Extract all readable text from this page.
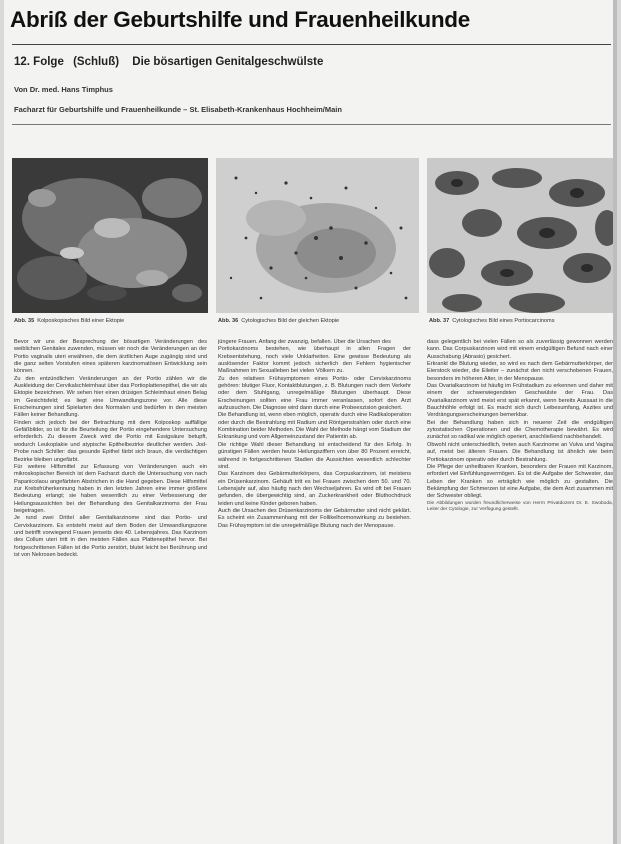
Abriß der Geburtshilfe und Frauenheilkunde
12. Folge (Schluß) Die bösartigen Genitalgeschwülste
Von Dr. med. Hans Timphus
Facharzt für Geburtshilfe und Frauenheilkunde – St. Elisabeth-Krankenhaus Hochheim/Main
Abb. 35 Kolposkopisches Bild einer Ektopie	Abb. 36 Cytologisches Bild der gleichen Ektopie	Abb. 37 Cytologisches Bild eines Portiocarcinoms

Bevor wir uns der Besprechung der bösartigen Veränderungen des weiblichen Genitales zuwenden, müssen wir noch die Veränderungen an der Portio vaginalis uteri erwähnen, die dem ärztlichen Auge zugängig sind und die ganz selten Vorstufen eines späteren karzinomatösen Entwicklung sein können.

Zu den entzündlichen Veränderungen an der Portio zählen wir die Auskleidung der Cervikalschleimhaut über das Portioplattenepithel, die wir als Ektopie bezeichnen. Wir sehen hier einen drüsigen Schleimhaut einen Belag im Gesichtsfeld; es liegt eine Umwandlungszone vor. Alle diese Erscheinungen sind Spielarten des Normalen und bedürfen in den meisten Fällen keiner Behandlung.

Finden sich jedoch bei der Betrachtung mit dem Kolposkop auffällige Gefäßbilder, so ist für die Beurteilung der Portio eingehendere Untersuchung erforderlich. Zu diesem Zweck wird die Portio mit Essigsäure betupft, wodurch Leukoplakie und atypische Epithelbezirke deutlicher werden. Jod-Probe nach Schiller: das gesunde Epithel färbt sich braun, die verdächtigen Bezirke bleiben ungefärbt.

Für weitere Hilfsmittel zur Erfassung von Veränderungen auch ein mikroskopischer Bereich ist dem Facharzt durch die Untersuchung von nach Papanicolaou angefärbten Abstrichen in die Hand gegeben. Diese Hilfsmittel zur Krebsfrüherkennung haben in den letzten Jahren eine immer größere Bedeutung erlangt; sie haben wesentlich zu einer Verbesserung der Heilungsaussichten bei der Behandlung des Genitalkarzinoms der Frau beigetragen.

Je rund zwei Drittel aller Genitalkarzinome sind das Portio- und Cervixkarzinom. Es entsteht meist auf dem Boden der Umwandlungszone und betrifft vorwiegend Frauen jenseits des 40. Lebensjahres. Das Karzinom des Collum uteri tritt in den meisten Fällen aus Plattenepithel hervor. Bei fortgeschrittenen Fällen ist die Portio zerstört, blutet leicht bei Berührung und ist von Nekrosen bedeckt.

jüngere Frauen. Anfang der zwanzig, befallen. Über die Ursachen des

Portiokarzinoms bestehen, wie überhaupt in allen Fragen der Krebsentstehung, noch viele Unklarheiten. Eine gewisse Bedeutung als auslösender Faktor kommt jedoch sicherlich den Fehlern hygienischer Maßnahmen im Sexualleben bei vielen Völkern zu.

Zu den relativen Frühsymptomen eines Portio- oder Cervixkarzinoms gehören: blutiger Fluor, Kontaktblutungen, z. B. Blutungen nach dem Verkehr oder dem Stuhlgang, unregelmäßige Blutungen überhaupt. Diese Erscheinungen sollten eine Frau immer veranlassen, sofort den Arzt aufzusuchen. Die Diagnose wird dann durch eine Probeexzision gesichert.

Die Behandlung ist, wenn eben möglich, operativ durch eine Radikaloperation oder durch die Bestrahlung mit Radium und Röntgenstrahlen oder durch eine Kombination beider Methoden. Die Wahl der Methode hängt vom Stadium der Erkrankung und vom Allgemeinzustand der Patientin ab.

Die richtige Wahl dieser Behandlung ist entscheidend für den Erfolg. In günstigen Fällen werden heute Heilungsziffern von über 80 Prozent erreicht, während in fortgeschrittenen Stadien die Aussichten wesentlich schlechter sind.

Das Karzinom des Gebärmutterkörpers, das Corpuskarzinom, ist meistens ein Drüsenkarzinom. Gehäuft tritt es bei Frauen zwischen dem 50. und 70. Lebensjahr auf, also häufig nach den Wechseljahren. Es wird oft bei Frauen gefunden, die übergewichtig sind, an Zuckerkrankheit oder Bluthochdruck leiden und keine Kinder geboren haben.

Auch die Ursachen des Drüsenkarzinoms der Gebärmutter sind nicht geklärt. Es scheint ein Zusammenhang mit der Follikelhormonwirkung zu bestehen. Das Frühsymptom ist die unregelmäßige Blutung nach der Menopause.

dass gelegentlich bei vielen Fällen so als zuverlässig gewonnen werden kann. Das Corpuskarzinom wird mit einem endgültigen Befund nach einer Ausschabung (Abrasio) gesichert.

Erkrankt die Blutung wieder, so wird es nach dem Gebärmutterkörper, der Eierstock wieder, die Eileiter – zunächst den nicht verschobenen Frauen, besonders im höheren Alter, in der Menopause.

Das Ovarialkarzinom ist häufig im Frühstadium zu erkennen und daher mit einem der schwerwiegendsten Geschwülste der Frau. Das Ovarialkarzinom wird meist erst spät erkannt, wenn bereits Aussaat in die Bauchhöhle erfolgt ist. Es macht sich durch Leibesumfang, Aszites und Verdrängungserscheinungen bemerkbar.

Bei der Behandlung haben sich in neuerer Zeit die endgültigen zytostatischen Operationen und die Chemotherapie bewährt. Es wird zunächst so radikal wie möglich operiert, anschließend nachbehandelt.

Obwohl nicht unterschiedlich, treten auch Karzinome an Vulva und Vagina auf, meist bei älteren Frauen. Die Behandlung ist ähnlich wie beim Portiokarzinom operativ oder durch Bestrahlung.

Die Pflege der unheilbaren Kranken, besonders der Frauen mit Karzinom, erfordert viel Einfühlungsvermögen. Es ist die Aufgabe der Schwester, das Leben der Kranken so erträglich wie möglich zu gestalten. Die Bekämpfung der Schmerzen ist eine Aufgabe, die dem Arzt zusammen mit der Schwester obliegt.

Die Abbildungen wurden freundlicherweise von Herrn Privatdozent Dr. E. Swoboda, Leiter der Cytologie, zur Verfügung gestellt.
